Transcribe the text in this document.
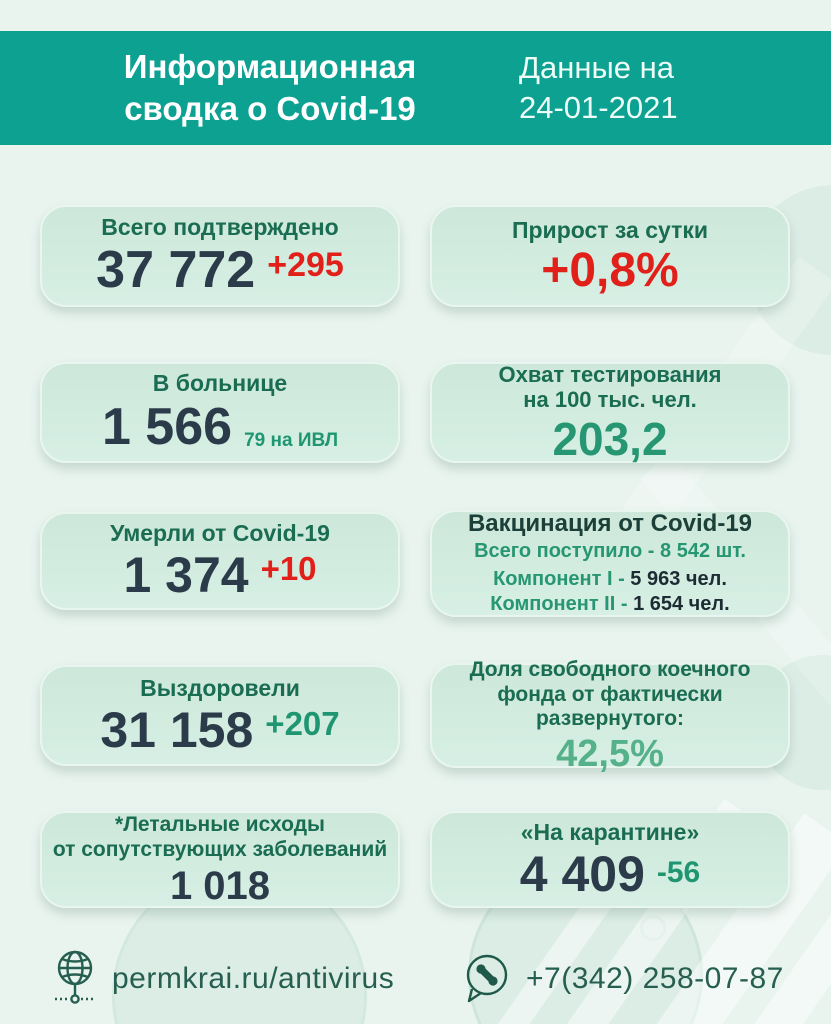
Информационная
сводка о Covid-19
Данные на
24-01-2021
Всего подтверждено
37 772 +295
Прирост за сутки
+0,8%
В больнице
1 566 79 на ИВЛ
Охват тестирования
на 100 тыс. чел.
203,2
Умерли от Covid-19
1 374 +10
Вакцинация от Covid-19
Всего поступило - 8 542 шт.
Компонент I - 5 963 чел.
Компонент II - 1 654 чел.
Выздоровели
31 158 +207
Доля свободного коечного
фонда от фактически
развернутого:
42,5%
*Летальные исходы
от сопутствующих заболеваний
1 018
«На карантине»
4 409 -56
permkrai.ru/antivirus	+7(342) 258-07-87
